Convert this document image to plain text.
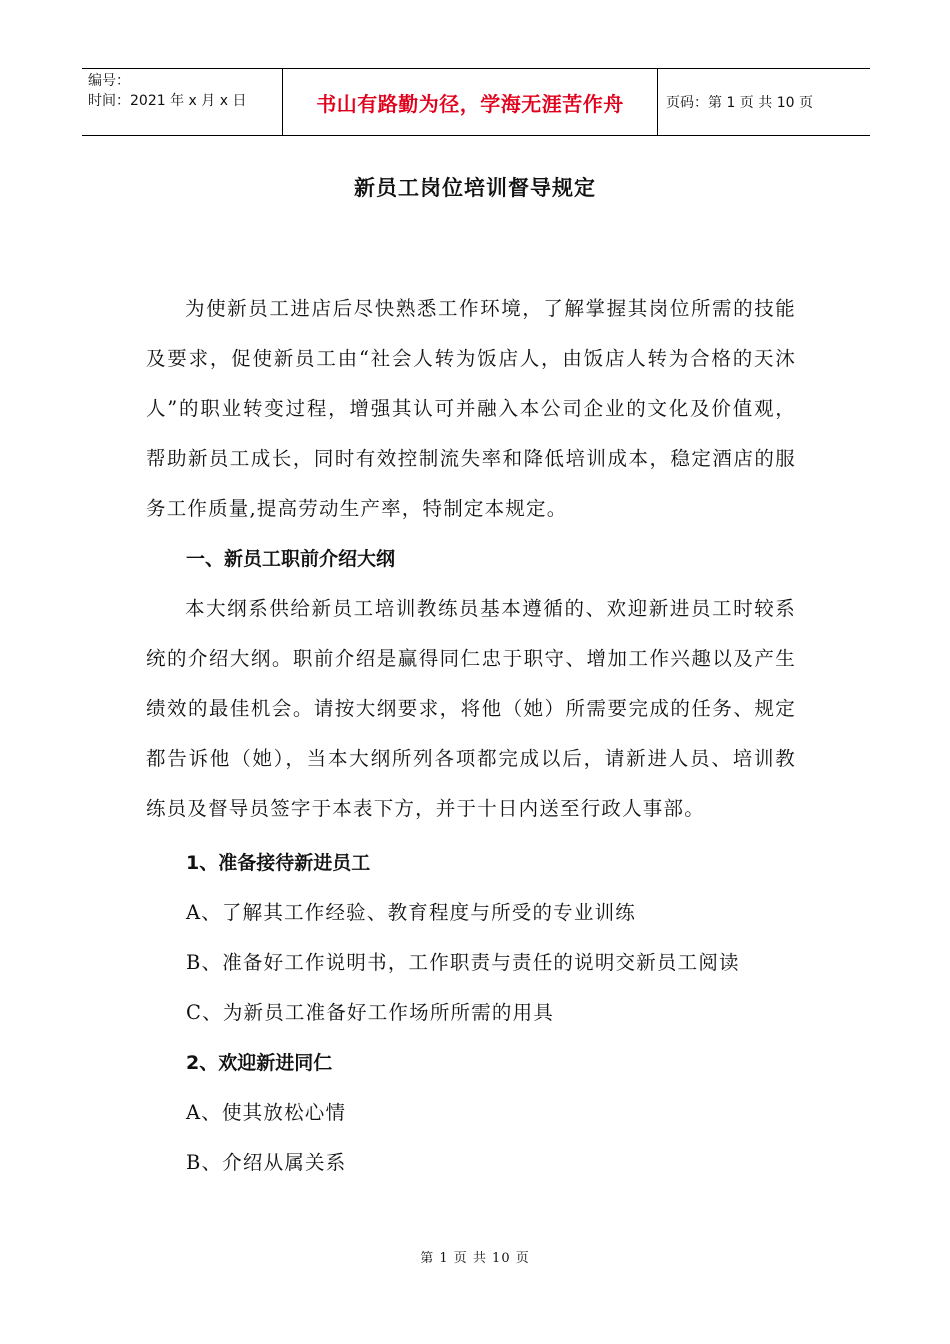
编号：
时间：2021 年 x 月 x 日	书山有路勤为径，学海无涯苦作舟	页码：第 1 页 共 10 页
新员工岗位培训督导规定

为使新员工进店后尽快熟悉工作环境，了解掌握其岗位所需的技能及要求，促使新员工由“社会人转为饭店人，由饭店人转为合格的天沐人”的职业转变过程，增强其认可并融入本公司企业的文化及价值观，帮助新员工成长，同时有效控制流失率和降低培训成本，稳定酒店的服务工作质量,提高劳动生产率，特制定本规定。

一、新员工职前介绍大纲

本大纲系供给新员工培训教练员基本遵循的、欢迎新进员工时较系统的介绍大纲。职前介绍是赢得同仁忠于职守、增加工作兴趣以及产生绩效的最佳机会。请按大纲要求，将他（她）所需要完成的任务、规定都告诉他（她），当本大纲所列各项都完成以后，请新进人员、培训教练员及督导员签字于本表下方，并于十日内送至行政人事部。

1、准备接待新进员工

A、了解其工作经验、教育程度与所受的专业训练

B、准备好工作说明书，工作职责与责任的说明交新员工阅读

C、为新员工准备好工作场所所需的用具

2、欢迎新进同仁

A、使其放松心情

B、介绍从属关系

第 1 页 共 10 页
